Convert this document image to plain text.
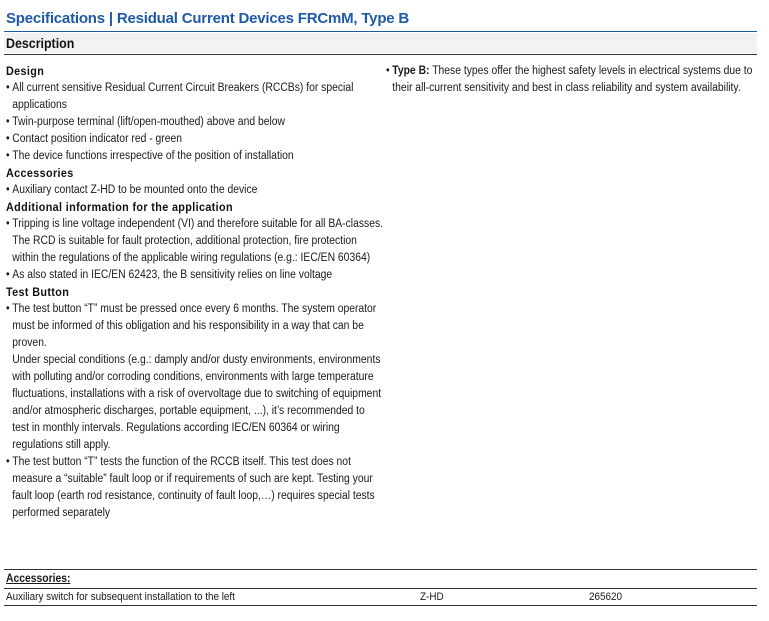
Specifications | Residual Current Devices FRCmM, Type B
Description
Design
• All current sensitive Residual Current Circuit Breakers (RCCBs) for special applications
• Twin-purpose terminal (lift/open-mouthed) above and below
• Contact position indicator red - green
• The device functions irrespective of the position of installation
Accessories
• Auxiliary contact Z-HD to be mounted onto the device
Additional information for the application
• Tripping is line voltage independent (VI) and therefore suitable for all BA-classes.
The RCD is suitable for fault protection, additional protection, fire protection within the regulations of the applicable wiring regulations (e.g.: IEC/EN 60364)
• As also stated in IEC/EN 62423, the B sensitivity relies on line voltage
Test Button
• The test button “T” must be pressed once every 6 months. The system operator must be informed of this obligation and his responsibility in a way that can be proven.
Under special conditions (e.g.: damply and/or dusty environments, environments with polluting and/or corroding conditions, environments with large temperature fluctuations, installations with a risk of overvoltage due to switching of equipment and/or atmospheric discharges, portable equipment, ...), it’s recommended to test in monthly intervals. Regulations according IEC/EN 60364 or wiring regulations still apply.
• The test button “T” tests the function of the RCCB itself. This test does not measure a “suitable” fault loop or if requirements of such are kept. Testing your fault loop (earth rod resistance, continuity of fault loop,…) requires special tests performed separately
• Type B: These types offer the highest safety levels in electrical systems due to their all-current sensitivity and best in class reliability and system availability.
Accessories:
Auxiliary switch for subsequent installation to the left	Z-HD	265620
